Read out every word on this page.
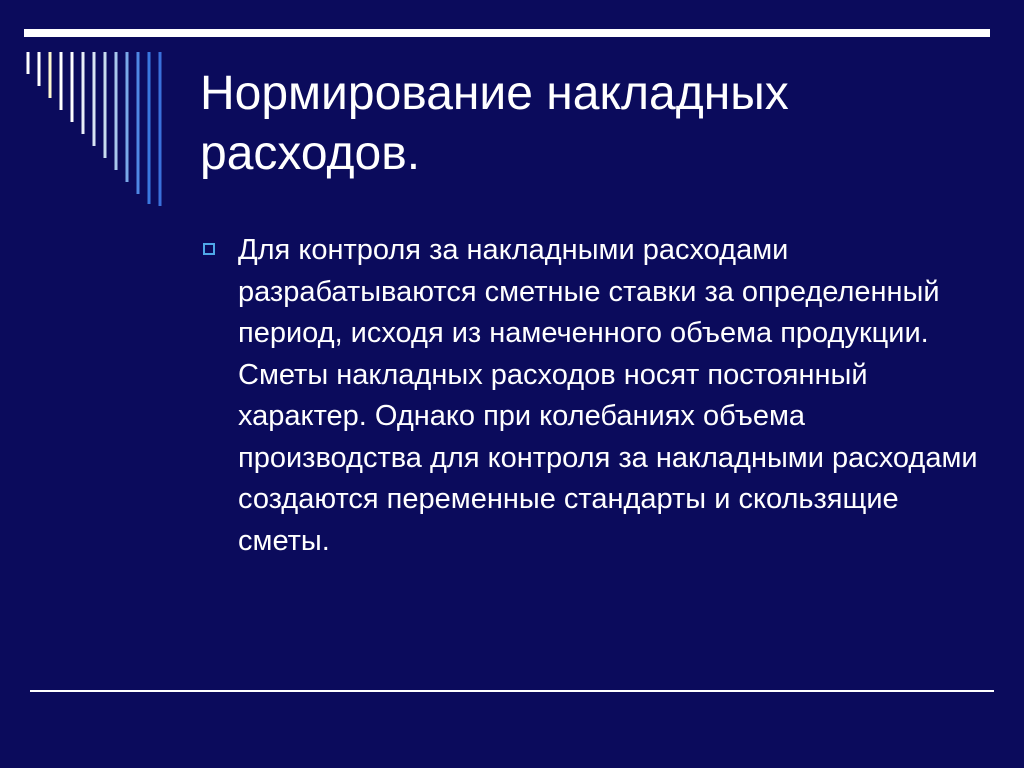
Нормирование накладных расходов.
Для контроля за накладными расходами разрабатываются сметные ставки за определенный период, исходя из намеченного объема продукции. Сметы накладных расходов носят постоянный характер. Однако при колебаниях объема производства для контроля за накладными расходами создаются переменные стандарты и скользящие сметы.
